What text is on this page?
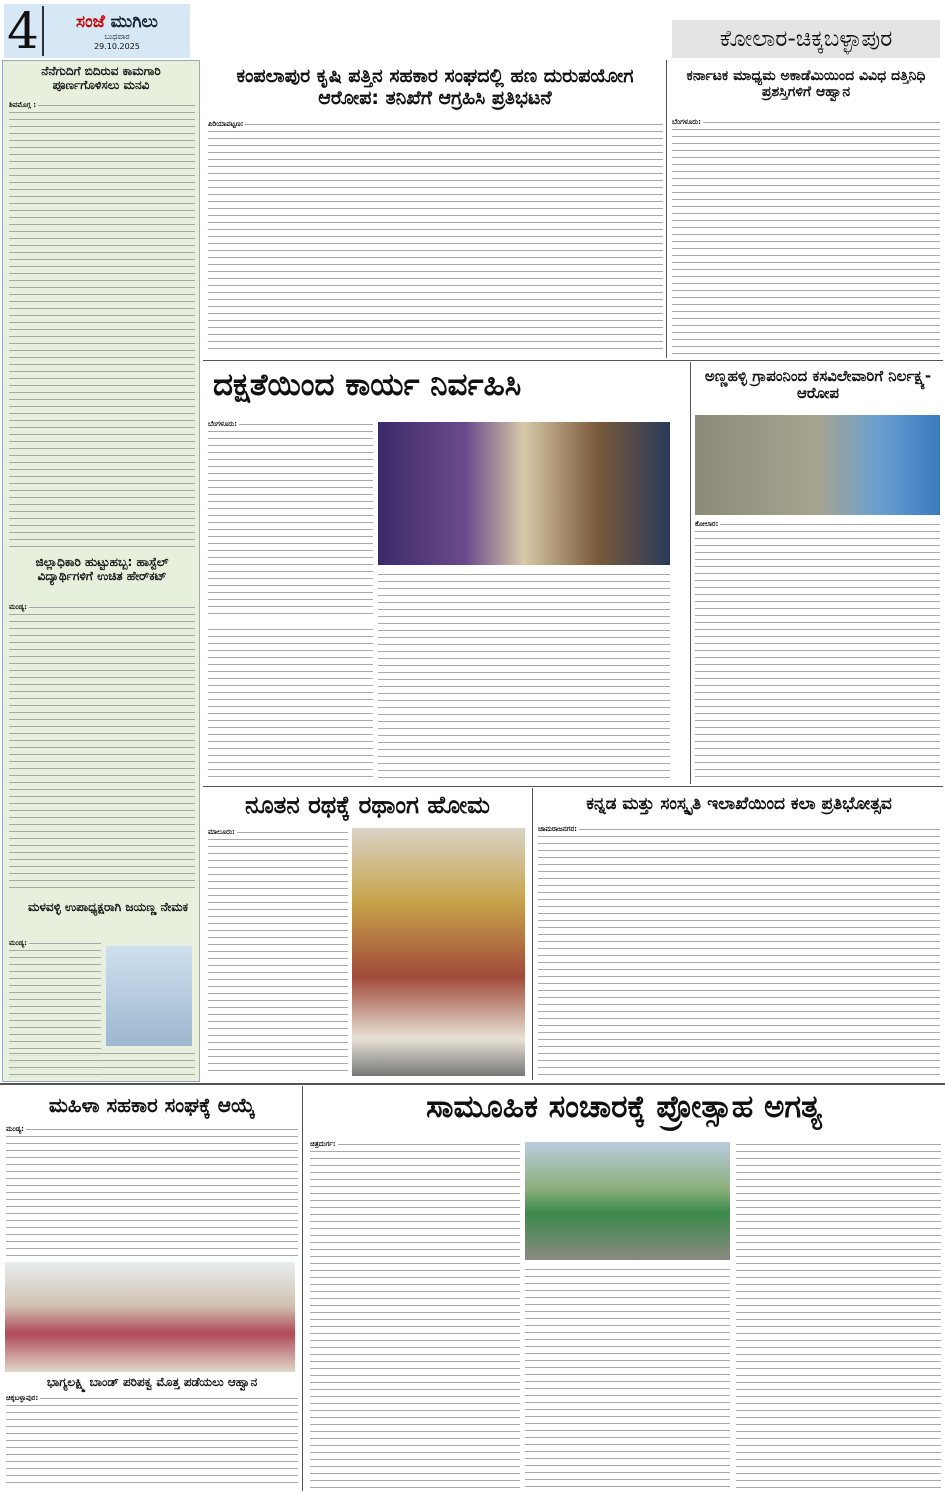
4	ಸಂಜೆ ಮುಗಿಲು
ಬುಧವಾರ
29.10.2025	ಕೋಲಾರ-ಚಿಕ್ಕಬಳ್ಳಾಪುರ
ನೆನೆಗುದಿಗೆ ಬಿದಿರುವ ಕಾಮಗಾರಿ ಪೂರ್ಣಗೊಳಿಸಲು ಮನವಿ
ಶಿವಮೊಗ್ಗ :
ಜಿಲ್ಲಾಧಿಕಾರಿ ಹುಟ್ಟುಹಬ್ಬ: ಹಾಸ್ಟೆಲ್ ವಿದ್ಯಾರ್ಥಿಗಳಿಗೆ ಉಚಿತ ಹೇರ್‌ಕಟ್
ಮಂಡ್ಯ:
ಮಳವಳ್ಳಿ ಉಪಾಧ್ಯಕ್ಷರಾಗಿ ಜಯಣ್ಣ ನೇಮಕ
ಮಂಡ್ಯ:
ಕಂಪಲಾಪುರ ಕೃಷಿ ಪತ್ತಿನ ಸಹಕಾರ ಸಂಘದಲ್ಲಿ ಹಣ ದುರುಪಯೋಗ ಆರೋಪ: ತನಿಖೆಗೆ ಆಗ್ರಹಿಸಿ ಪ್ರತಿಭಟನೆ
ಪಿರಿಯಾಪಟ್ಟಣ:
ಕರ್ನಾಟಕ ಮಾಧ್ಯಮ ಅಕಾಡೆಮಿಯಿಂದ ವಿವಿಧ ದತ್ತಿನಿಧಿ ಪ್ರಶಸ್ತಿಗಳಿಗೆ ಆಹ್ವಾನ
ಬೆಂಗಳೂರು:
ದಕ್ಷತೆಯಿಂದ ಕಾರ್ಯ ನಿರ್ವಹಿಸಿ
ಬೆಂಗಳೂರು:
ಅಣ್ಣಹಳ್ಳಿ ಗ್ರಾಪಂನಿಂದ ಕಸವಿಲೇವಾರಿಗೆ ನಿರ್ಲಕ್ಷ್ಯ-ಆರೋಪ
ಕೋಲಾರ:
ನೂತನ ರಥಕ್ಕೆ ರಥಾಂಗ ಹೋಮ
ಮಾಲೂರು:
ಕನ್ನಡ ಮತ್ತು ಸಂಸ್ಕೃತಿ ಇಲಾಖೆಯಿಂದ ಕಲಾ ಪ್ರತಿಭೋತ್ಸವ
ಚಾಮರಾಜನಗರ:
ಮಹಿಳಾ ಸಹಕಾರ ಸಂಘಕ್ಕೆ ಆಯ್ಕೆ
ಮಂಡ್ಯ:
ಭಾಗ್ಯಲಕ್ಷ್ಮಿ ಬಾಂಡ್ ಪರಿಪಕ್ವ ಮೊತ್ತ ಪಡೆಯಲು ಆಹ್ವಾನ
ಚಿಕ್ಕಬಳ್ಳಾಪುರ:
ಸಾಮೂಹಿಕ ಸಂಚಾರಕ್ಕೆ ಪ್ರೋತ್ಸಾಹ ಅಗತ್ಯ
ಚಿತ್ರದುರ್ಗ:
